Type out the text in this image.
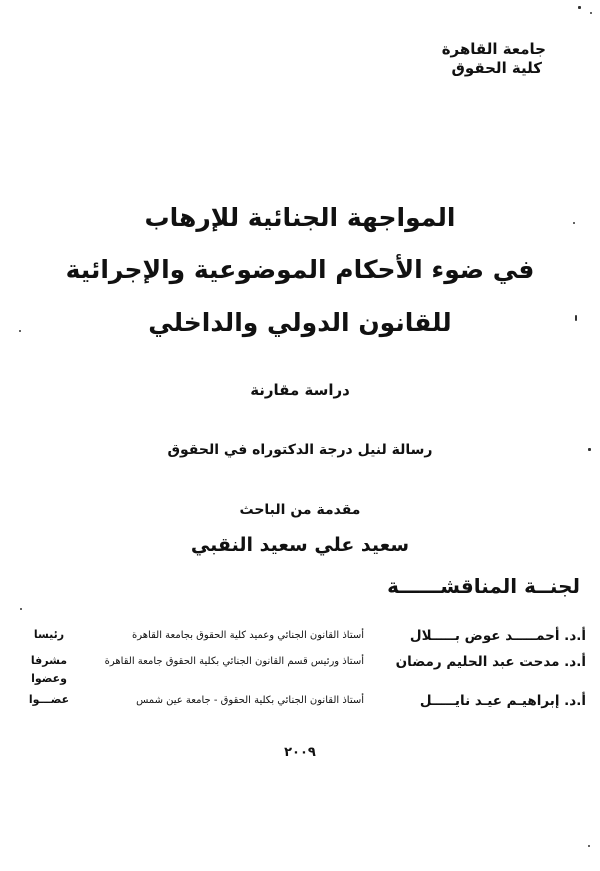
جامعة القاهرة
كلية الحقوق
المواجهة الجنائية للإرهاب
في ضوء الأحكام الموضوعية والإجرائية
للقانون الدولي والداخلي
دراسة مقارنة
رسالة لنيل درجة الدكتوراه في الحقوق
مقدمة من الباحث
سعيد علي سعيد النقبي
لجنــة المناقشــــــة
أ.د. أحمـــــد عوض بـــــلال
أستاذ القانون الجنائي وعميد كلية الحقوق بجامعة القاهرة
رئيسا
أ.د. مدحت عبد الحليم رمضان
أستاذ ورئيس قسم القانون الجنائي بكلية الحقوق جامعة القاهرة
مشرفا
وعضوا
أ.د. إبراهيـم عيـد نايـــــل
أستاذ القانون الجنائي بكلية الحقوق - جامعة عين شمس
عضـــوا
٢٠٠٩
